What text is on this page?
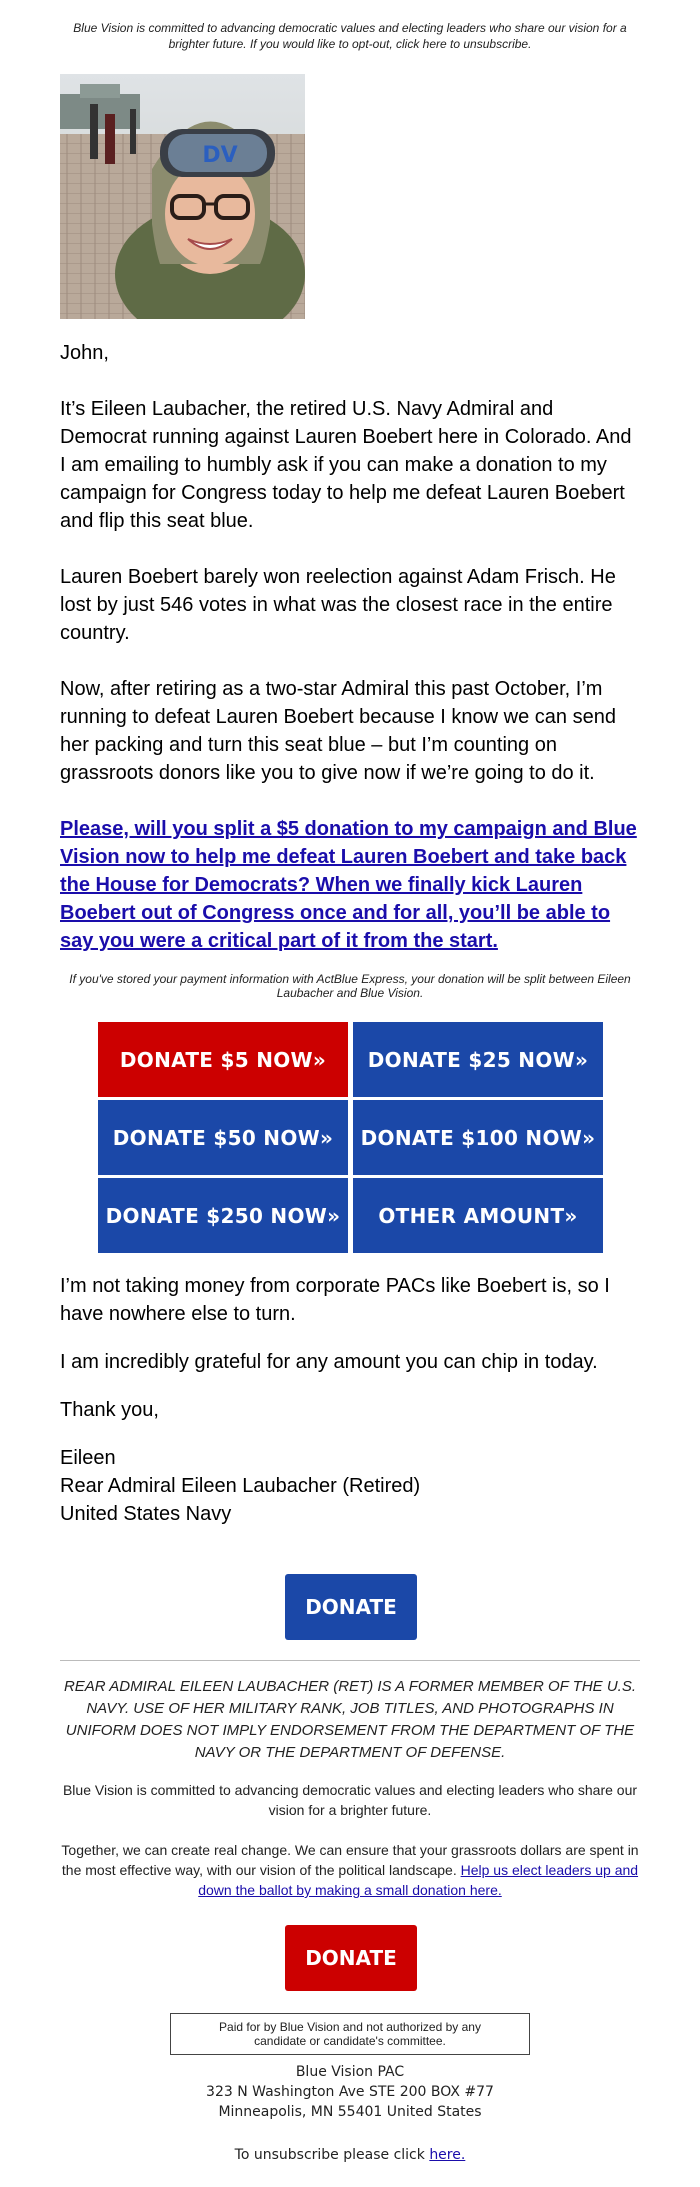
Blue Vision is committed to advancing democratic values and electing leaders who share our vision for a brighter future. If you would like to opt-out, click here to unsubscribe.
DV

John,

It’s Eileen Laubacher, the retired U.S. Navy Admiral and Democrat running against Lauren Boebert here in Colorado. And I am emailing to humbly ask if you can make a donation to my campaign for Congress today to help me defeat Lauren Boebert and flip this seat blue.

Lauren Boebert barely won reelection against Adam Frisch. He lost by just 546 votes in what was the closest race in the entire country.

Now, after retiring as a two-star Admiral this past October, I’m running to defeat Lauren Boebert because I know we can send her packing and turn this seat blue – but I’m counting on grassroots donors like you to give now if we’re going to do it.

Please, will you split a $5 donation to my campaign and Blue Vision now to help me defeat Lauren Boebert and take back the House for Democrats? When we finally kick Lauren Boebert out of Congress once and for all, you’ll be able to say you were a critical part of it from the start.

If you've stored your payment information with ActBlue Express, your donation will be split between Eileen Laubacher and Blue Vision.
DONATE $5 NOW»	DONATE $25 NOW»
DONATE $50 NOW»	DONATE $100 NOW»
DONATE $250 NOW»	OTHER AMOUNT»

I’m not taking money from corporate PACs like Boebert is, so I have nowhere else to turn.

I am incredibly grateful for any amount you can chip in today.

Thank you,

Eileen
Rear Admiral Eileen Laubacher (Retired)
United States Navy
DONATE
REAR ADMIRAL EILEEN LAUBACHER (RET) IS A FORMER MEMBER OF THE U.S. NAVY. USE OF HER MILITARY RANK, JOB TITLES, AND PHOTOGRAPHS IN UNIFORM DOES NOT IMPLY ENDORSEMENT FROM THE DEPARTMENT OF THE NAVY OR THE DEPARTMENT OF DEFENSE.

Blue Vision is committed to advancing democratic values and electing leaders who share our vision for a brighter future.

Together, we can create real change. We can ensure that your grassroots dollars are spent in the most effective way, with our vision of the political landscape. Help us elect leaders up and down the ballot by making a small donation here.

DONATE
Paid for by Blue Vision and not authorized by any candidate or candidate's committee.
Blue Vision PAC
323 N Washington Ave STE 200 BOX #77
Minneapolis, MN 55401 United States
To unsubscribe please click here.
